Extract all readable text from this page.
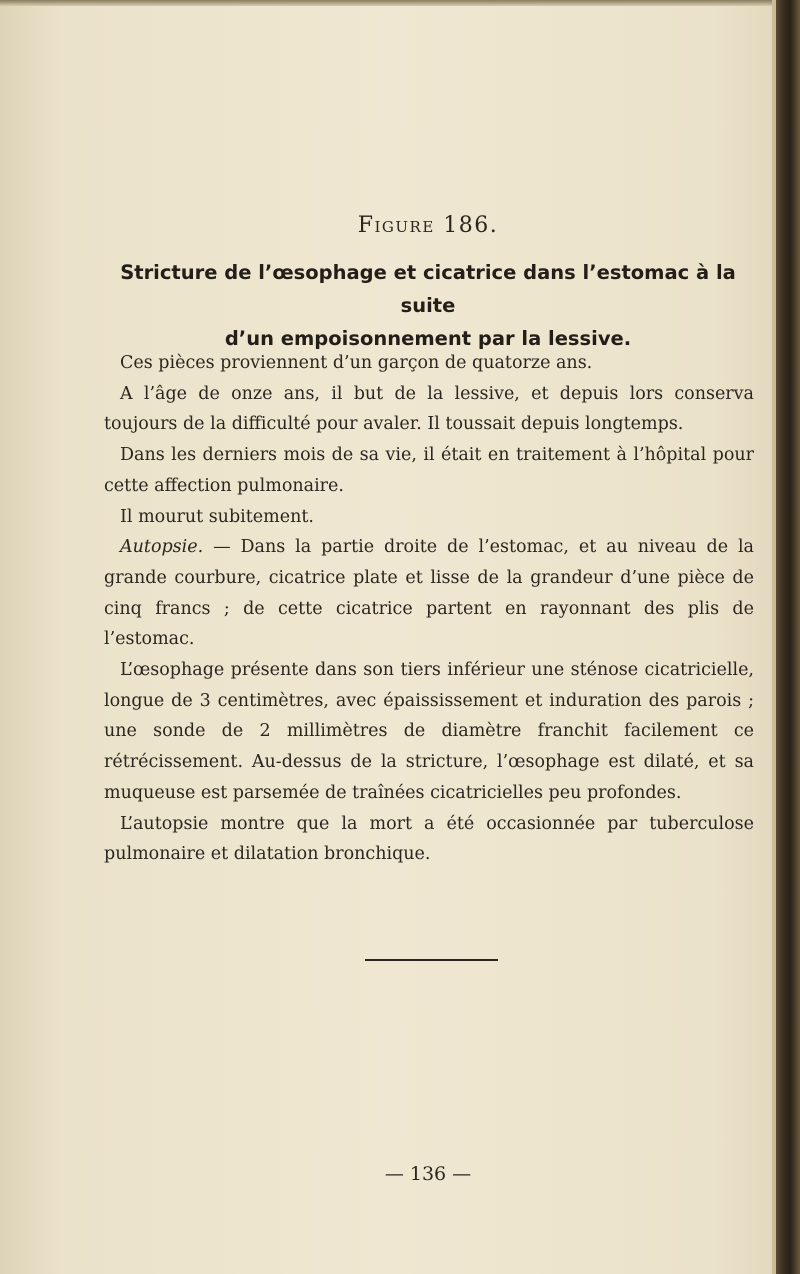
Figure 186.
Stricture de l’œsophage et cicatrice dans l’estomac à la suite
d’un empoisonnement par la lessive.

Ces pièces proviennent d’un garçon de quatorze ans.

A l’âge de onze ans, il but de la lessive, et depuis lors conserva toujours de la difficulté pour avaler. Il toussait depuis longtemps.

Dans les derniers mois de sa vie, il était en traitement à l’hôpital pour cette affection pulmonaire.

Il mourut subitement.

Autopsie. — Dans la partie droite de l’estomac, et au niveau de la grande courbure, cicatrice plate et lisse de la grandeur d’une pièce de cinq francs ; de cette cicatrice partent en rayonnant des plis de l’estomac.

L’œsophage présente dans son tiers inférieur une sténose cicatricielle, longue de 3 centimètres, avec épaississement et induration des parois ; une sonde de 2 millimètres de diamètre franchit facilement ce rétrécissement. Au-dessus de la stricture, l’œsophage est dilaté, et sa muqueuse est parsemée de traînées cicatricielles peu profondes.

L’autopsie montre que la mort a été occasionnée par tuberculose pulmonaire et dilatation bronchique.

— 136 —
